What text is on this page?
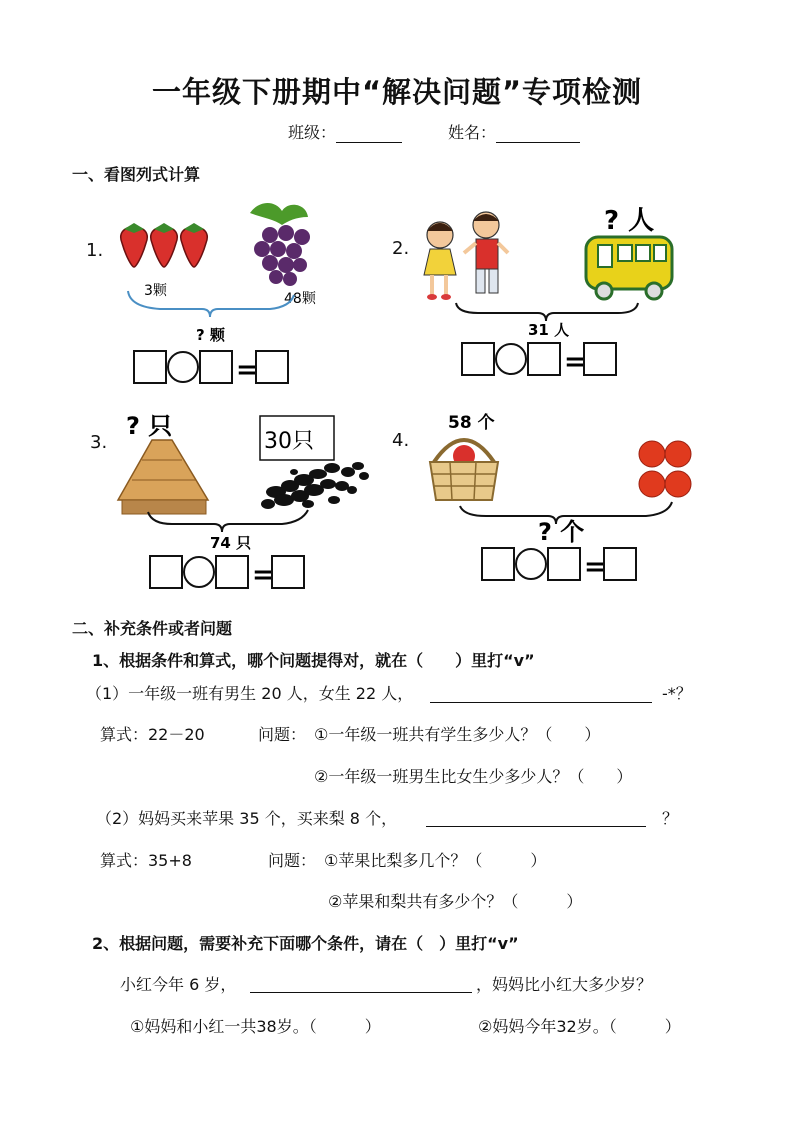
一年级下册期中“解决问题”专项检测
班级：	姓名：
一、看图列式计算
1.
3颗	48颗
? 颗
=
2.
? 人
31 人
=
3.
? 只
30只
74 只
=
4.
58 个
? 个
=
二、补充条件或者问题
1、根据条件和算式，哪个问题提得对，就在（　　）里打“v”
（1）一年级一班有男生 20 人，女生 22 人，	-*？
算式：22－20	问题： ①一年级一班共有学生多少人？（　　）
②一年级一班男生比女生少多少人？（　　）
（2）妈妈买来苹果 35 个，买来梨 8 个，	？
算式：35+8	问题： ①苹果比梨多几个？（　　　）
②苹果和梨共有多少个？（　　　）
2、根据问题，需要补充下面哪个条件，请在（　）里打“v”
小红今年 6 岁，	，妈妈比小红大多少岁？
①妈妈和小红一共38岁。（　　　）	②妈妈今年32岁。（　　　）
